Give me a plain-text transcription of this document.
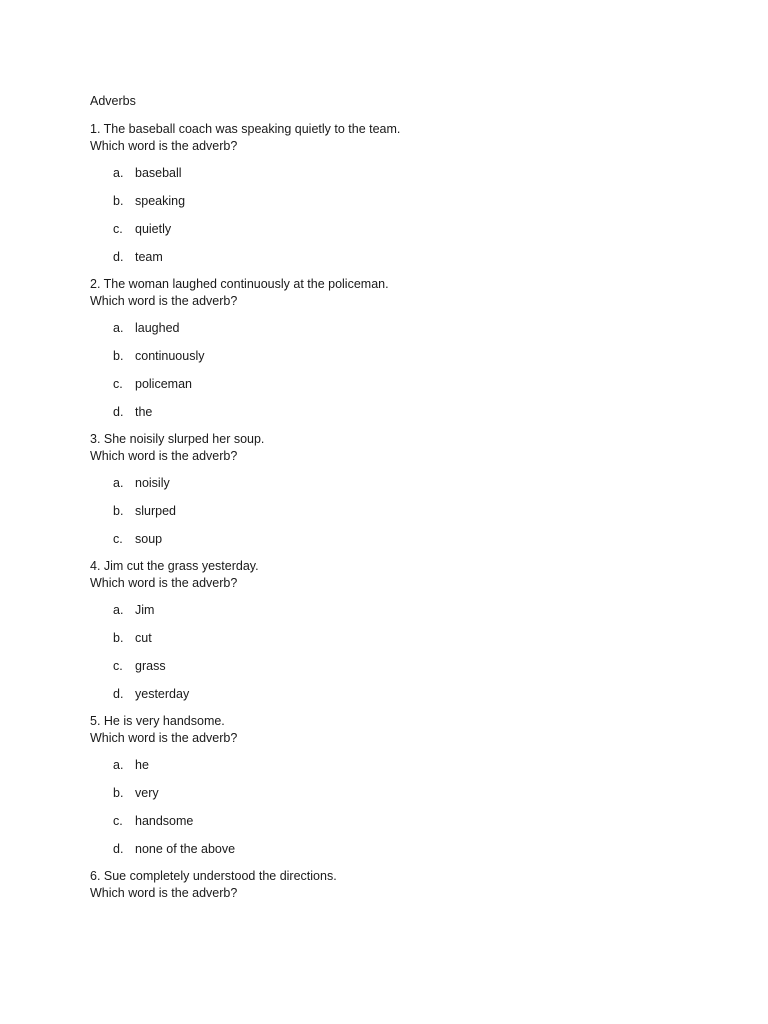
Adverbs
1. The baseball coach was speaking quietly to the team.
Which word is the adverb?
a. baseball
b. speaking
c. quietly
d. team
2. The woman laughed continuously at the policeman.
Which word is the adverb?
a. laughed
b. continuously
c. policeman
d. the
3. She noisily slurped her soup.
Which word is the adverb?
a. noisily
b. slurped
c. soup
4. Jim cut the grass yesterday.
Which word is the adverb?
a. Jim
b. cut
c. grass
d. yesterday
5. He is very handsome.
Which word is the adverb?
a. he
b. very
c. handsome
d. none of the above
6. Sue completely understood the directions.
Which word is the adverb?
